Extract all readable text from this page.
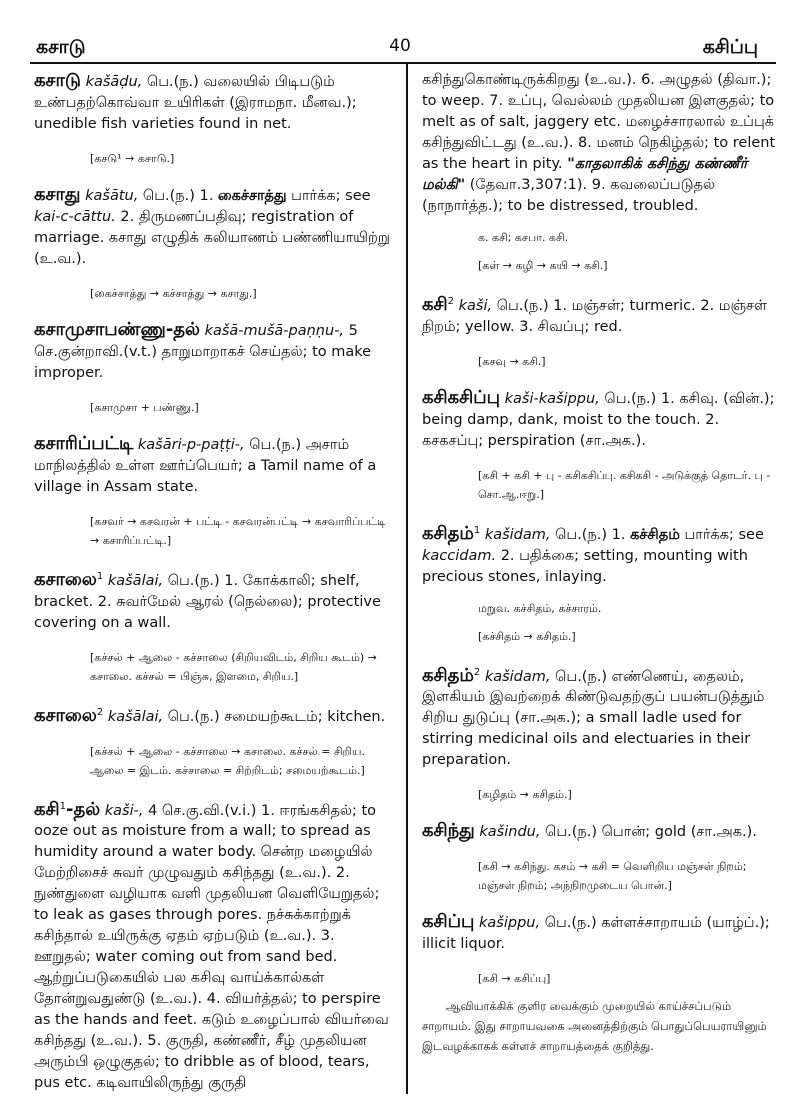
கசாடு	40	கசிப்பு
கசாடு kašāḍu, பெ.(ந.) வலையில் பிடிபடும் உண்பதற்கொவ்வா உயிரிகள் (இராமநா. மீனவ.); unedible fish varieties found in net.
[கசடு¹ → கசாடு.]
கசாது kašātu, பெ.(ந.) 1. கைச்சாத்து பார்க்க; see kai-c-cāttu. 2. திருமணப்பதிவு; registration of marriage. கசாது எழுதிக் கலியாணம் பண்ணியாயிற்று (உ.வ.).
[கைச்சாத்து → கச்சாத்து → கசாது.]
கசாமுசாபண்ணு-தல் kašā-mušā-paṇṇu-, 5 செ.குன்றாவி.(v.t.) தாறுமாறாகச் செய்தல்; to make improper.
[கசாமுசா + பண்ணு.]
கசாரிப்பட்டி kašāri-p-paṭṭi-, பெ.(ந.) அசாம் மாநிலத்தில் உள்ள ஊர்ப்பெயர்; a Tamil name of a village in Assam state.
[கசவர் → கசவரன் + பட்டி - கசவரன்பட்டி → கசவாரிப்பட்டி → கசாரிப்பட்டி.]
கசாலை$^1$ kašālai, பெ.(ந.) 1. கோக்காலி; shelf, bracket. 2. சுவர்மேல் ஆரல் (நெல்லை); protective covering on a wall.
[கச்சல் + ஆலை - கச்சாலை (சிறியவிடம், சிறிய கூடம்) → கசாலை. கச்சல் = பிஞ்சு, இளமை, சிறிய.]
கசாலை$^2$ kašālai, பெ.(ந.) சமையற்கூடம்; kitchen.
[கச்சல் + ஆலை - கச்சாலை → கசாலை. கச்சல் = சிறிய. ஆலை = இடம். கச்சாலை = சிற்றிடம்; சமையற்கூடம்.]
கசி$^1$-தல் kaši-, 4 செ.கு.வி.(v.i.) 1. ஈரங்கசிதல்; to ooze out as moisture from a wall; to spread as humidity around a water body. சென்ற மழையில் மேற்றிசைச் சுவர் முழுவதும் கசிந்தது (உ.வ.). 2. நுண்துளை வழியாக வளி முதலியன வெளியேறுதல்; to leak as gases through pores. நச்சுக்காற்றுக் கசிந்தால் உயிருக்கு ஏதம் ஏற்படும் (உ.வ.). 3. ஊறுதல்; water coming out from sand bed. ஆற்றுப்படுகையில் பல கசிவு வாய்க்கால்கள் தோன்றுவதுண்டு (உ.வ.). 4. வியர்த்தல்; to perspire as the hands and feet. கடும் உழைப்பால் வியர்வை கசிந்தது (உ.வ.). 5. குருதி, கண்ணீர், சீழ் முதலியன அரும்பி ஒழுகுதல்; to dribble as of blood, tears, pus etc. கடிவாயிலிருந்து குருதி
கசிந்துகொண்டிருக்கிறது (உ.வ.). 6. அழுதல் (திவா.); to weep. 7. உப்பு, வெல்லம் முதலியன இளகுதல்; to melt as of salt, jaggery etc. மழைச்சாரலால் உப்புக் கசிந்துவிட்டது (உ.வ.). 8. மனம் நெகிழ்தல்; to relent as the heart in pity. "காதலாகிக் கசிந்து கண்ணீர் மல்கி" (தேவா.3,307:1). 9. கவலைப்படுதல் (நாநார்த்த.); to be distressed, troubled.
க. கசி; கசபா. கசி.
[கள் → கழி → கயி → கசி.]
கசி$^2$ kaši, பெ.(ந.) 1. மஞ்சள்; turmeric. 2. மஞ்சள் நிறம்; yellow. 3. சிவப்பு; red.
[கசவு → கசி.]
கசிகசிப்பு kaši-kašippu, பெ.(ந.) 1. கசிவு. (வின்.); being damp, dank, moist to the touch. 2. கசகசப்பு; perspiration (சா.அக.).
[கசி + கசி + பு - கசிகசிப்பு. கசிகசி - அடுக்குத் தொடர். பு - சொ.ஆ.ஈறு.]
கசிதம்$^1$ kašidam, பெ.(ந.) 1. கச்சிதம் பார்க்க; see kaccidam. 2. பதிக்கை; setting, mounting with precious stones, inlaying.
மறுவ. கச்சிதம், கச்சாரம்.
[கச்சிதம் → கசிதம்.]
கசிதம்$^2$ kašidam, பெ.(ந.) எண்ணெய், தைலம், இளகியம் இவற்றைக் கிண்டுவதற்குப் பயன்படுத்தும் சிறிய துடுப்பு (சா.அக.); a small ladle used for stirring medicinal oils and electuaries in their preparation.
[கழிதம் → கசிதம்.]
கசிந்து kašindu, பெ.(ந.) பொன்; gold (சா.அக.).
[கசி → கசிந்து. கசம் → கசி = வெளிறிய மஞ்சள் நிறம்; மஞ்சள் நிறம்; அந்நிறமுடைய பொன்.]
கசிப்பு kašippu, பெ.(ந.) கள்ளச்சாறாயம் (யாழ்ப்.); illicit liquor.
[கசி → கசிப்பு]
ஆவியாக்கிக் குளிர வைக்கும் முறையில் காய்ச்சப்படும் சாறாயம். இது சாறாயவகை அனைத்திற்கும் பொதுப்பெயராயினும் இடவழக்காகக் கள்ளச் சாறாயத்தைக் குறித்து.
